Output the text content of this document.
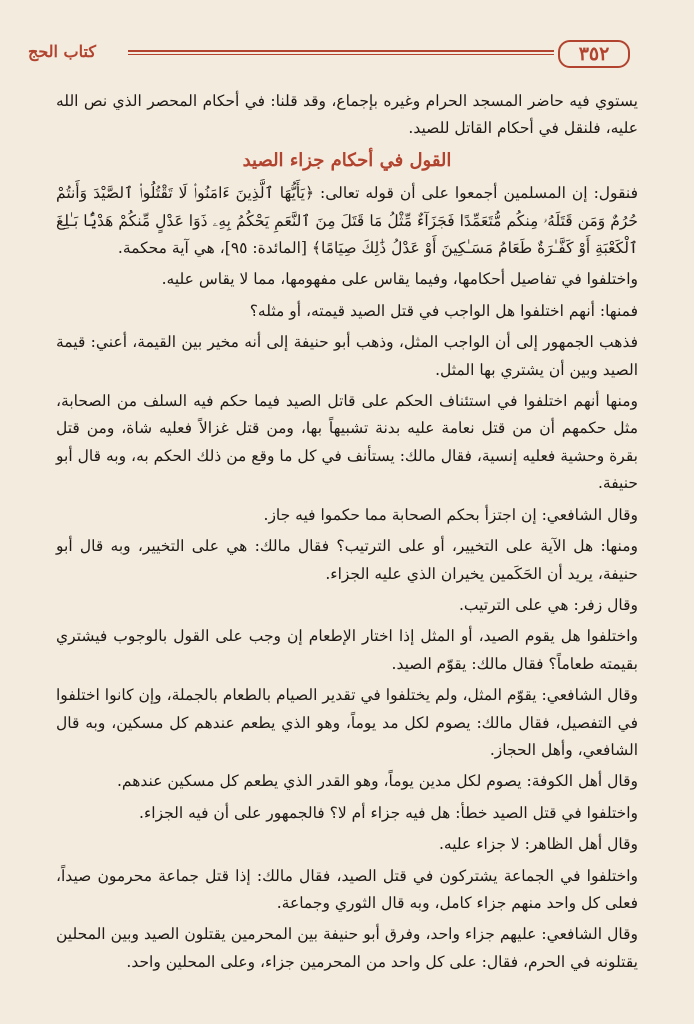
٣٥٢
كتاب الحج

يستوي فيه حاضر المسجد الحرام وغيره بإجماع، وقد قلنا: في أحكام المحصر الذي نص الله عليه، فلنقل في أحكام القاتل للصيد.

القول في أحكام جزاء الصيد

فنقول: إن المسلمين أجمعوا على أن قوله تعالى: ﴿يَأَيُّهَا ٱلَّذِينَ ءَامَنُوا۟ لَا تَقْتُلُوا۟ ٱلصَّيْدَ وَأَنتُمْ حُرُمٌ وَمَن قَتَلَهُۥ مِنكُم مُّتَعَمِّدًا فَجَزَآءٌ مِّثْلُ مَا قَتَلَ مِنَ ٱلنَّعَمِ يَحْكُمُ بِهِۦ ذَوَا عَدْلٍ مِّنكُمْ هَدْيًۢا بَـٰلِغَ ٱلْكَعْبَةِ أَوْ كَفَّـٰرَةٌ طَعَامُ مَسَـٰكِينَ أَوْ عَدْلُ ذَٰلِكَ صِيَامًا﴾ [المائدة: ٩٥]، هي آية محكمة.

واختلفوا في تفاصيل أحكامها، وفيما يقاس على مفهومها، مما لا يقاس عليه.

فمنها: أنهم اختلفوا هل الواجب في قتل الصيد قيمته، أو مثله؟

فذهب الجمهور إلى أن الواجب المثل، وذهب أبو حنيفة إلى أنه مخير بين القيمة، أعني: قيمة الصيد وبين أن يشتري بها المثل.

ومنها أنهم اختلفوا في استئناف الحكم على قاتل الصيد فيما حكم فيه السلف من الصحابة، مثل حكمهم أن من قتل نعامة عليه بدنة تشبيهاً بها، ومن قتل غزالاً فعليه شاة، ومن قتل بقرة وحشية فعليه إنسية، فقال مالك: يستأنف في كل ما وقع من ذلك الحكم به، وبه قال أبو حنيفة.

وقال الشافعي: إن اجتزأ بحكم الصحابة مما حكموا فيه جاز.

ومنها: هل الآية على التخيير، أو على الترتيب؟ فقال مالك: هي على التخيير، وبه قال أبو حنيفة، يريد أن الحَكَمين يخيران الذي عليه الجزاء.

وقال زفر: هي على الترتيب.

واختلفوا هل يقوم الصيد، أو المثل إذا اختار الإطعام إن وجب على القول بالوجوب فيشتري بقيمته طعاماً؟ فقال مالك: يقوّم الصيد.

وقال الشافعي: يقوّم المثل، ولم يختلفوا في تقدير الصيام بالطعام بالجملة، وإن كانوا اختلفوا في التفصيل، فقال مالك: يصوم لكل مد يوماً، وهو الذي يطعم عندهم كل مسكين، وبه قال الشافعي، وأهل الحجاز.

وقال أهل الكوفة: يصوم لكل مدين يوماً، وهو القدر الذي يطعم كل مسكين عندهم.

واختلفوا في قتل الصيد خطأ: هل فيه جزاء أم لا؟ فالجمهور على أن فيه الجزاء.

وقال أهل الظاهر: لا جزاء عليه.

واختلفوا في الجماعة يشتركون في قتل الصيد، فقال مالك: إذا قتل جماعة محرمون صيداً، فعلى كل واحد منهم جزاء كامل، وبه قال الثوري وجماعة.

وقال الشافعي: عليهم جزاء واحد، وفرق أبو حنيفة بين المحرمين يقتلون الصيد وبين المحلين يقتلونه في الحرم، فقال: على كل واحد من المحرمين جزاء، وعلى المحلين واحد.
